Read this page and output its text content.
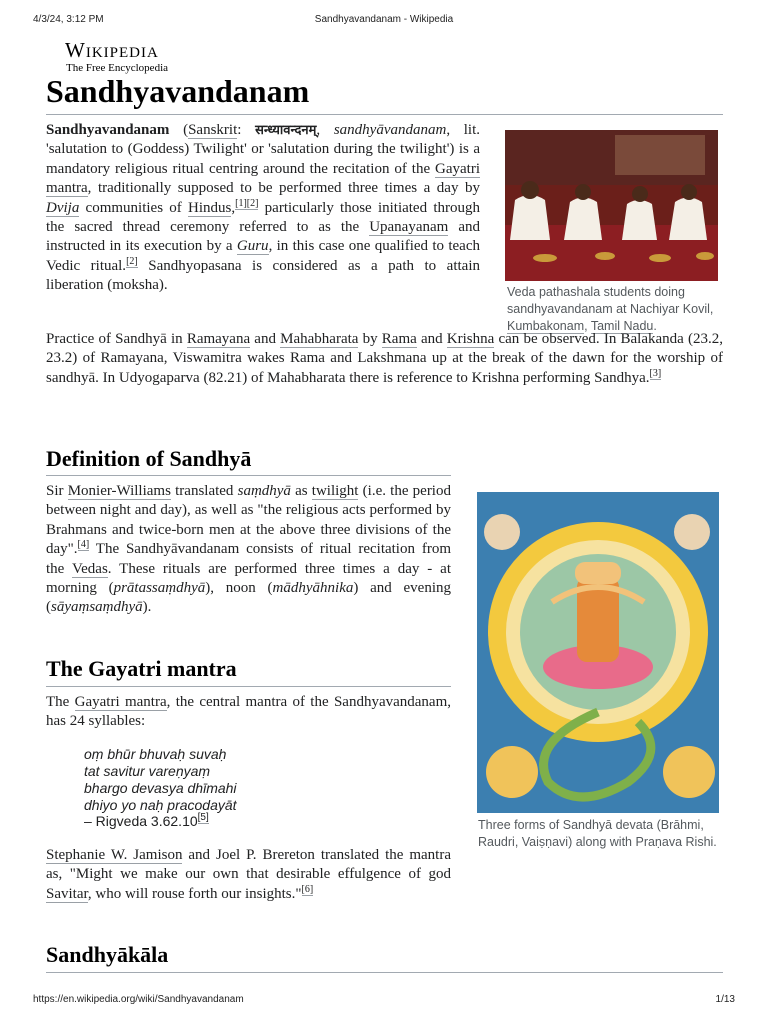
4/3/24, 3:12 PM	Sandhyavandanam - Wikipedia
Wikipedia
The Free Encyclopedia
Sandhyavandanam

Sandhyavandanam (Sanskrit: सन्ध्यावन्दनम्, sandhyāvandanam, lit. 'salutation to (Goddess) Twilight' or 'salutation during the twilight') is a mandatory religious ritual centring around the recitation of the Gayatri mantra, traditionally supposed to be performed three times a day by Dvija communities of Hindus,[1][2] particularly those initiated through the sacred thread ceremony referred to as the Upanayanam and instructed in its execution by a Guru, in this case one qualified to teach Vedic ritual.[2] Sandhyopasana is considered as a path to attain liberation (moksha).	Veda pathashala students doing sandhyavandanam at Nachiyar Kovil, Kumbakonam, Tamil Nadu.

Practice of Sandhyā in Ramayana and Mahabharata by Rama and Krishna can be observed. In Balakanda (23.2, 23.2) of Ramayana, Viswamitra wakes Rama and Lakshmana up at the break of the dawn for the worship of sandhyā. In Udyogaparva (82.21) of Mahabharata there is reference to Krishna performing Sandhya.[3]

Definition of Sandhyā

Sir Monier-Williams translated saṃdhyā as twilight (i.e. the period between night and day), as well as "the religious acts performed by Brahmans and twice-born men at the above three divisions of the day".[4] The Sandhyāvandanam consists of ritual recitation from the Vedas. These rituals are performed three times a day - at morning (prātassaṃdhyā), noon (mādhyāhnika) and evening (sāyaṃsaṃdhyā).

Three forms of Sandhyā devata (Brāhmi, Raudri, Vaiṣṇavi) along with Praṇava Rishi.
The Gayatri mantra

The Gayatri mantra, the central mantra of the Sandhyavandanam, has 24 syllables:

oṃ bhūr bhuvaḥ suvaḥ
tat savitur vareṇyaṃ
bhargo devasya dhīmahi
dhiyo yo naḥ pracodayāt
– Rigveda 3.62.10[5]

Stephanie W. Jamison and Joel P. Brereton translated the mantra as, "Might we make our own that desirable effulgence of god Savitar, who will rouse forth our insights."[6]

Sandhyākāla
https://en.wikipedia.org/wiki/Sandhyavandanam	1/13
